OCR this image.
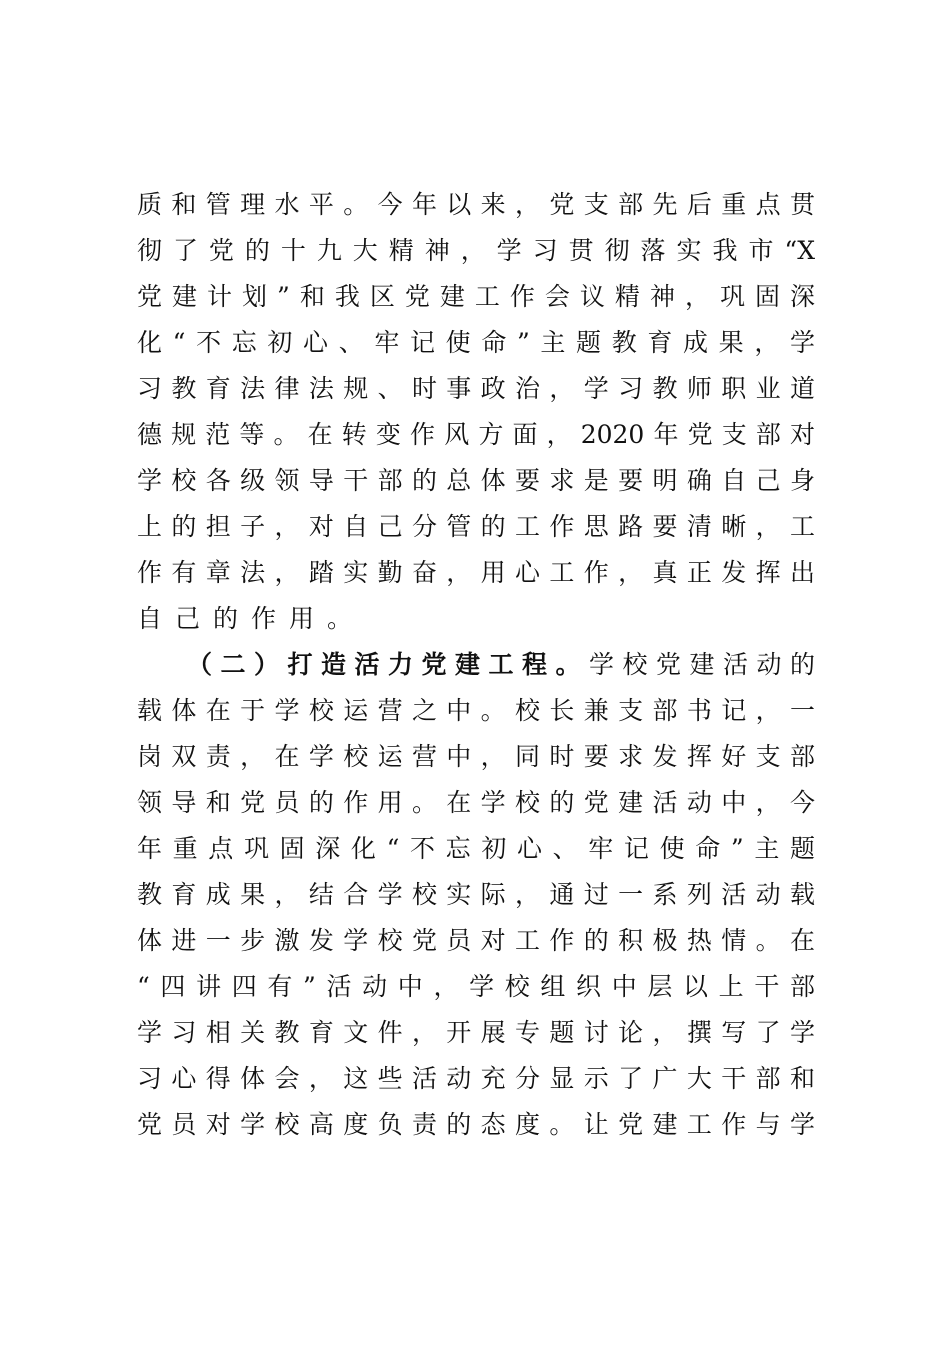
质和管理水平。今年以来，党支部先后重点贯
彻了党的十九大精神，学习贯彻落实我市“X
党建计划”和我区党建工作会议精神，巩固深
化“不忘初心、牢记使命”主题教育成果，学
习教育法律法规、时事政治，学习教师职业道
德规范等。在转变作风方面，2020年党支部对
学校各级领导干部的总体要求是要明确自己身
上的担子，对自己分管的工作思路要清晰，工
作有章法，踏实勤奋，用心工作，真正发挥出
自己的作用。
（二）打造活力党建工程。学校党建活动的
载体在于学校运营之中。校长兼支部书记，一
岗双责，在学校运营中，同时要求发挥好支部
领导和党员的作用。在学校的党建活动中，今
年重点巩固深化“不忘初心、牢记使命”主题
教育成果，结合学校实际，通过一系列活动载
体进一步激发学校党员对工作的积极热情。在
“四讲四有”活动中，学校组织中层以上干部
学习相关教育文件，开展专题讨论，撰写了学
习心得体会，这些活动充分显示了广大干部和
党员对学校高度负责的态度。让党建工作与学
